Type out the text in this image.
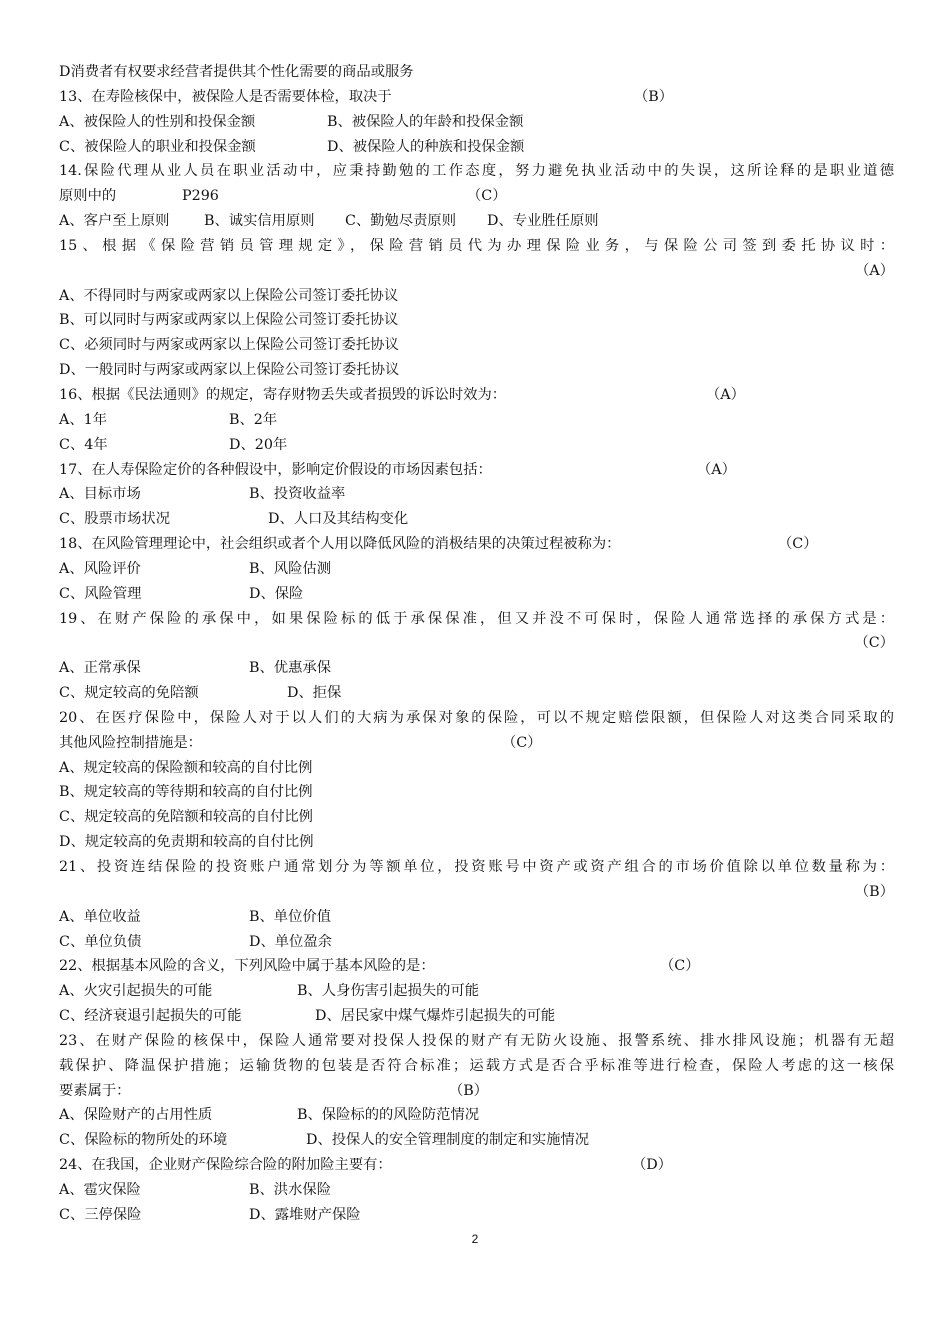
D消费者有权要求经营者提供其个性化需要的商品或服务
13、在寿险核保中，被保险人是否需要体检，取决于	（B）
A、被保险人的性别和投保金额	B、被保险人的年龄和投保金额
C、被保险人的职业和投保金额	D、被保险人的种族和投保金额
14.保险代理从业人员在职业活动中，应秉持勤勉的工作态度，努力避免执业活动中的失误，这所诠释的是职业道德
原则中的	P296	（C）
A、客户至上原则 B、诚实信用原则 C、勤勉尽责原则 D、专业胜任原则
15、根据《保险营销员管理规定》，保险营销员代为办理保险业务，与保险公司签到委托协议时：
（A）
A、不得同时与两家或两家以上保险公司签订委托协议
B、可以同时与两家或两家以上保险公司签订委托协议
C、必须同时与两家或两家以上保险公司签订委托协议
D、一般同时与两家或两家以上保险公司签订委托协议
16、根据《民法通则》的规定，寄存财物丢失或者损毁的诉讼时效为：	（A）
A、1年	B、2年
C、4年	D、20年
17、在人寿保险定价的各种假设中，影响定价假设的市场因素包括：	（A）
A、目标市场	B、投资收益率
C、股票市场状况	D、人口及其结构变化
18、在风险管理理论中，社会组织或者个人用以降低风险的消极结果的决策过程被称为：	（C）
A、风险评价	B、风险估测
C、风险管理	D、保险
19、在财产保险的承保中，如果保险标的低于承保保准，但又并没不可保时，保险人通常选择的承保方式是：
（C）
A、正常承保	B、优惠承保
C、规定较高的免陪额	D、拒保
20、在医疗保险中，保险人对于以人们的大病为承保对象的保险，可以不规定赔偿限额，但保险人对这类合同采取的
其他风险控制措施是：	（C）
A、规定较高的保险额和较高的自付比例
B、规定较高的等待期和较高的自付比例
C、规定较高的免陪额和较高的自付比例
D、规定较高的免责期和较高的自付比例
21、投资连结保险的投资账户通常划分为等额单位，投资账号中资产或资产组合的市场价值除以单位数量称为：
（B）
A、单位收益	B、单位价值
C、单位负债	D、单位盈余
22、根据基本风险的含义，下列风险中属于基本风险的是：	（C）
A、火灾引起损失的可能	B、人身伤害引起损失的可能
C、经济衰退引起损失的可能	D、居民家中煤气爆炸引起损失的可能
23、在财产保险的核保中，保险人通常要对投保人投保的财产有无防火设施、报警系统、排水排风设施；机器有无超
载保护、降温保护措施；运输货物的包装是否符合标准；运载方式是否合乎标准等进行检查，保险人考虑的这一核保
要素属于：	（B）
A、保险财产的占用性质	B、保险标的的风险防范情况
C、保险标的物所处的环境	D、投保人的安全管理制度的制定和实施情况
24、在我国，企业财产保险综合险的附加险主要有：	（D）
A、雹灾保险	B、洪水保险
C、三停保险	D、露堆财产保险
2
